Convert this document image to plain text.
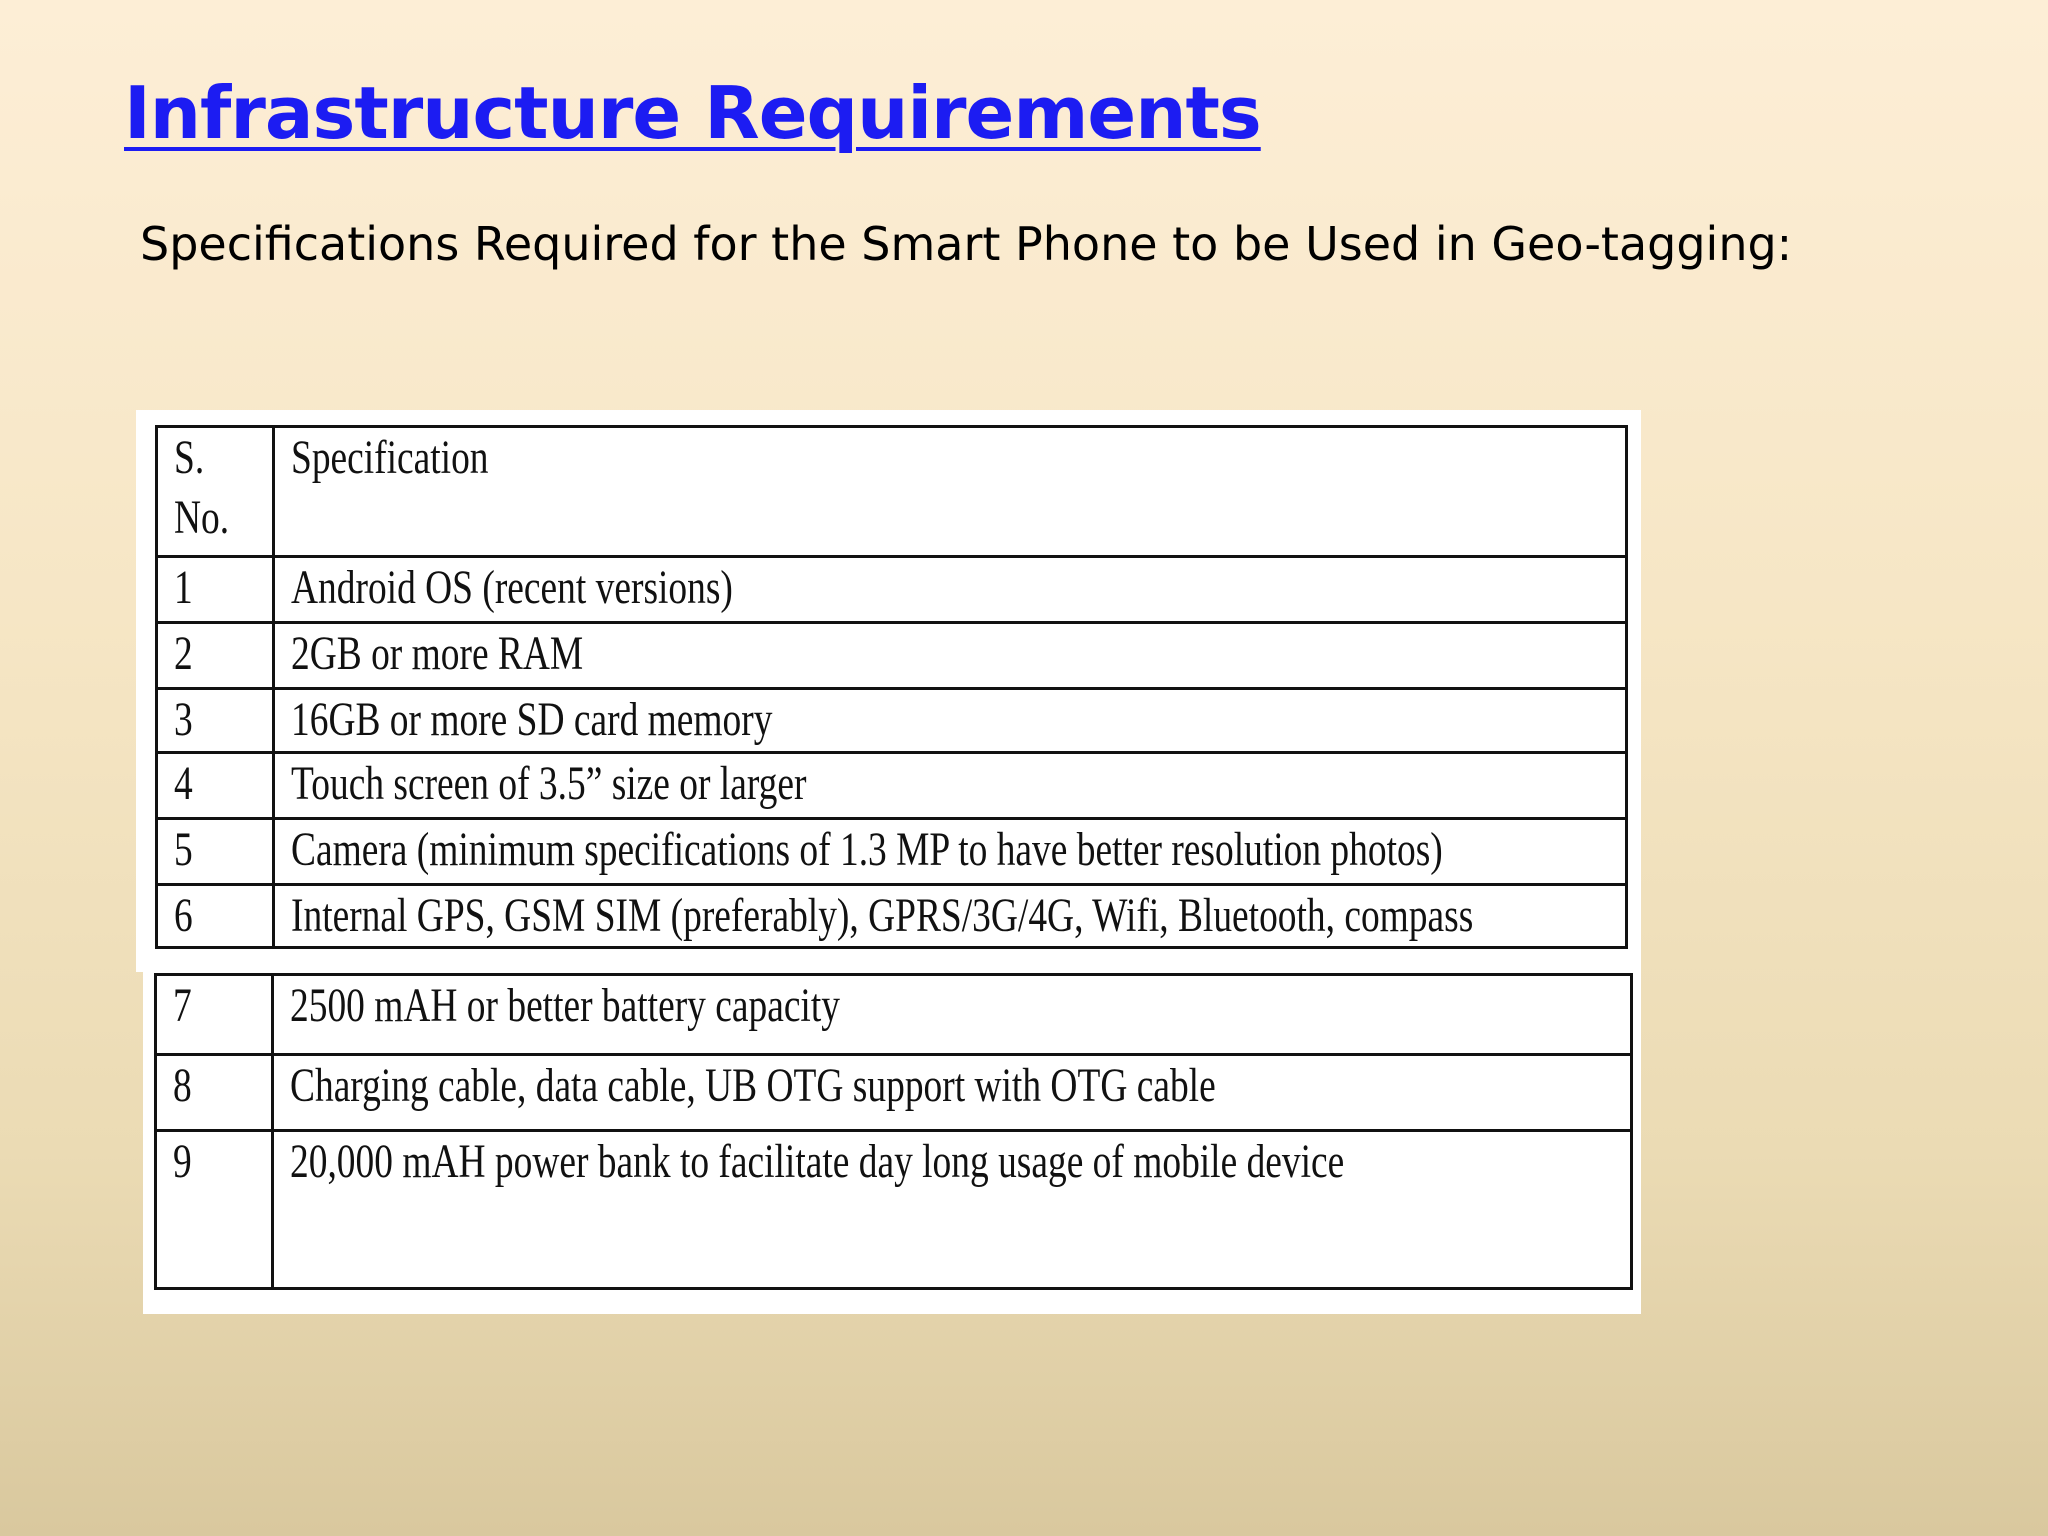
Infrastructure Requirements

Specifications Required for the Smart Phone to be Used in Geo-tagging:

S. No.	Specification
1	Android OS (recent versions)
2	2GB or more RAM
3	16GB or more SD card memory
4	Touch screen of 3.5” size or larger
5	Camera (minimum specifications of 1.3 MP to have better resolution photos)
6	Internal GPS, GSM SIM (preferably), GPRS/3G/4G, Wifi, Bluetooth, compass
7	2500 mAH or better battery capacity
8	Charging cable, data cable, UB OTG support with OTG cable
9	20,000 mAH power bank to facilitate day long usage of mobile device
